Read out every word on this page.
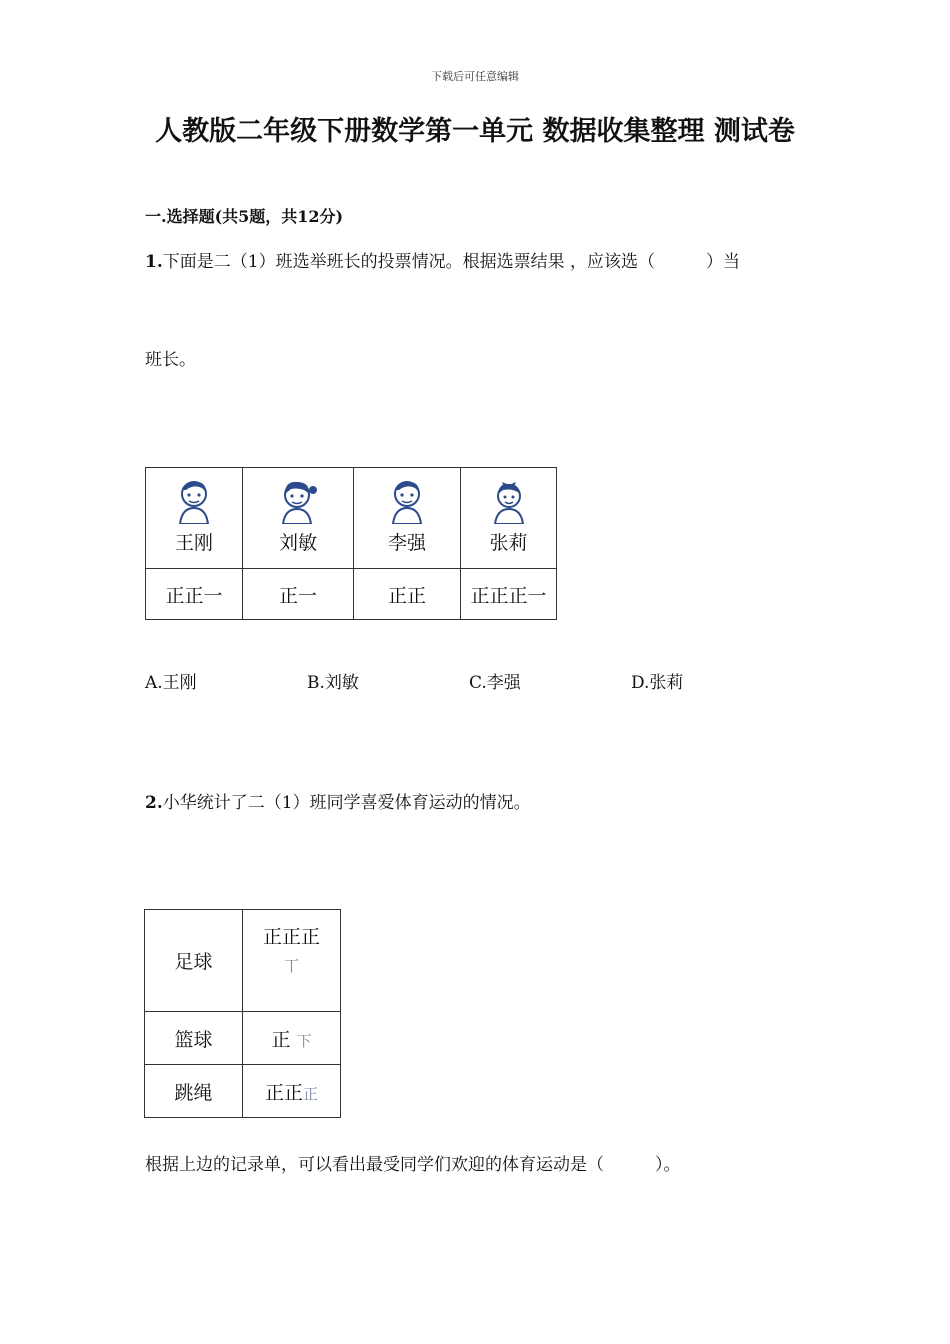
下载后可任意编辑
人教版二年级下册数学第一单元 数据收集整理 测试卷
一.选择题(共5题，共12分)
1.下面是二（1）班选举班长的投票情况。根据选票结果 ，应该选（　　　）当
班长。
王刚	刘敏	李强	张莉

正正一	正一	正正	正正正一
A.王刚	B.刘敏	C.李强	D.张莉
2.小华统计了二（1）班同学喜爱体育运动的情况。
足球	正正正
丅

篮球	正 下
跳绳	正正正
根据上边的记录单，可以看出最受同学们欢迎的体育运动是（　　　）。
